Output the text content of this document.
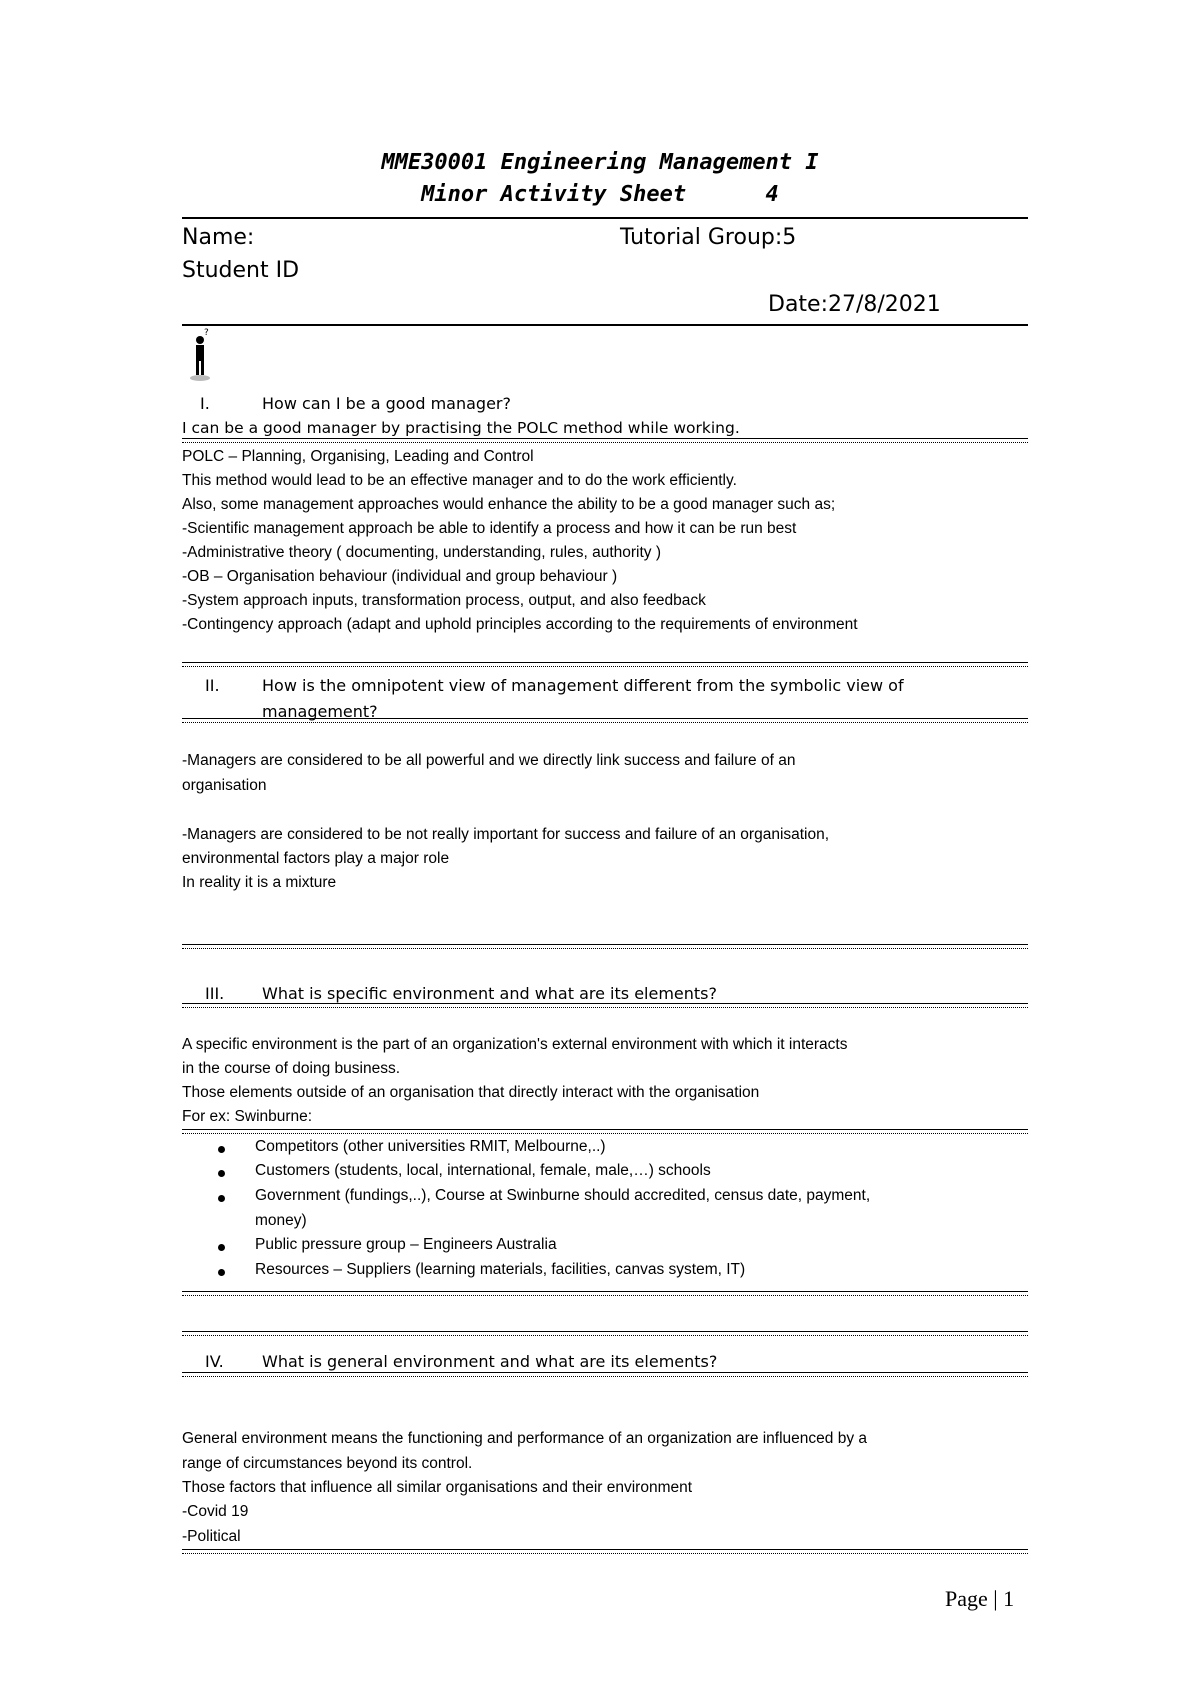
MME30001 Engineering Management I
Minor Activity Sheet      4
Name:	Tutorial Group:5
Student ID
Date:27/8/2021
?
I.	How can I be a good manager?
I can be a good manager by practising the POLC method while working.
POLC – Planning, Organising, Leading and Control
This method would lead to be an effective manager and to do the work efficiently.
Also, some management approaches would enhance the ability to be a good manager such as;
-Scientific management approach be able to identify a process and how it can be run best
-Administrative theory ( documenting, understanding, rules, authority )
-OB – Organisation behaviour (individual and group behaviour )
-System approach inputs, transformation process, output, and also feedback
-Contingency approach (adapt and uphold principles according to the requirements of environment
II.	How is the omnipotent view of management different from the symbolic view of
management?
-Managers are considered to be all powerful and we directly link success and failure of an
organisation
-Managers are considered to be not really important for success and failure of an organisation,
environmental factors play a major role
In reality it is a mixture
III. What is specific environment and what are its elements?
A specific environment is the part of an organization's external environment with which it interacts
in the course of doing business.
Those elements outside of an organisation that directly interact with the organisation
For ex: Swinburne:
Competitors (other universities RMIT, Melbourne,..)
Customers (students, local, international, female, male,…) schools
Government (fundings,..), Course at Swinburne should accredited, census date, payment,
money)
Public pressure group – Engineers Australia
Resources – Suppliers (learning materials, facilities, canvas system, IT)
IV. What is general environment and what are its elements?
General environment means the functioning and performance of an organization are influenced by a
range of circumstances beyond its control.
Those factors that influence all similar organisations and their environment
-Covid 19
-Political
Page | 1
